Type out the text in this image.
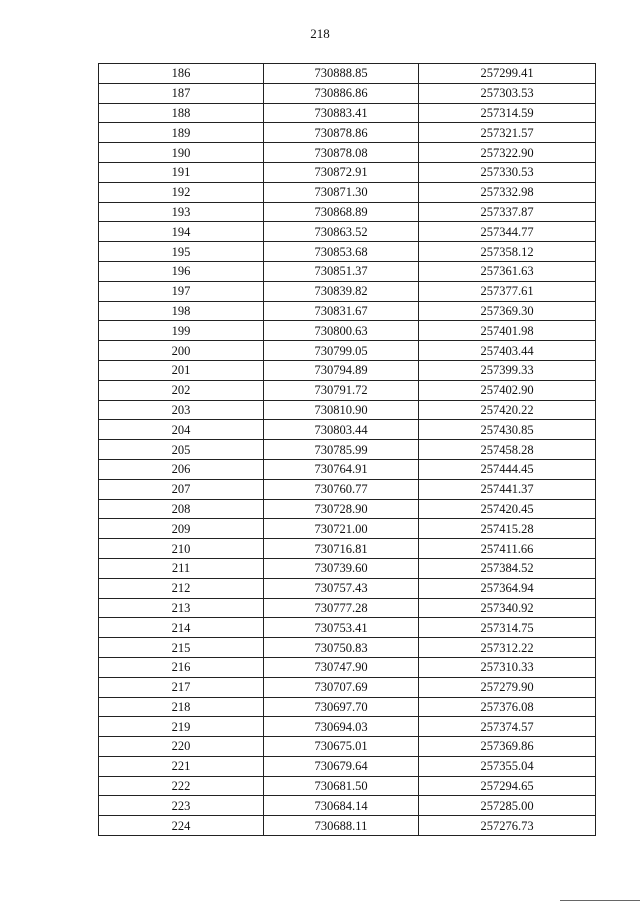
218
186	730888.85	257299.41
187	730886.86	257303.53
188	730883.41	257314.59
189	730878.86	257321.57
190	730878.08	257322.90
191	730872.91	257330.53
192	730871.30	257332.98
193	730868.89	257337.87
194	730863.52	257344.77
195	730853.68	257358.12
196	730851.37	257361.63
197	730839.82	257377.61
198	730831.67	257369.30
199	730800.63	257401.98
200	730799.05	257403.44
201	730794.89	257399.33
202	730791.72	257402.90
203	730810.90	257420.22
204	730803.44	257430.85
205	730785.99	257458.28
206	730764.91	257444.45
207	730760.77	257441.37
208	730728.90	257420.45
209	730721.00	257415.28
210	730716.81	257411.66
211	730739.60	257384.52
212	730757.43	257364.94
213	730777.28	257340.92
214	730753.41	257314.75
215	730750.83	257312.22
216	730747.90	257310.33
217	730707.69	257279.90
218	730697.70	257376.08
219	730694.03	257374.57
220	730675.01	257369.86
221	730679.64	257355.04
222	730681.50	257294.65
223	730684.14	257285.00
224	730688.11	257276.73
